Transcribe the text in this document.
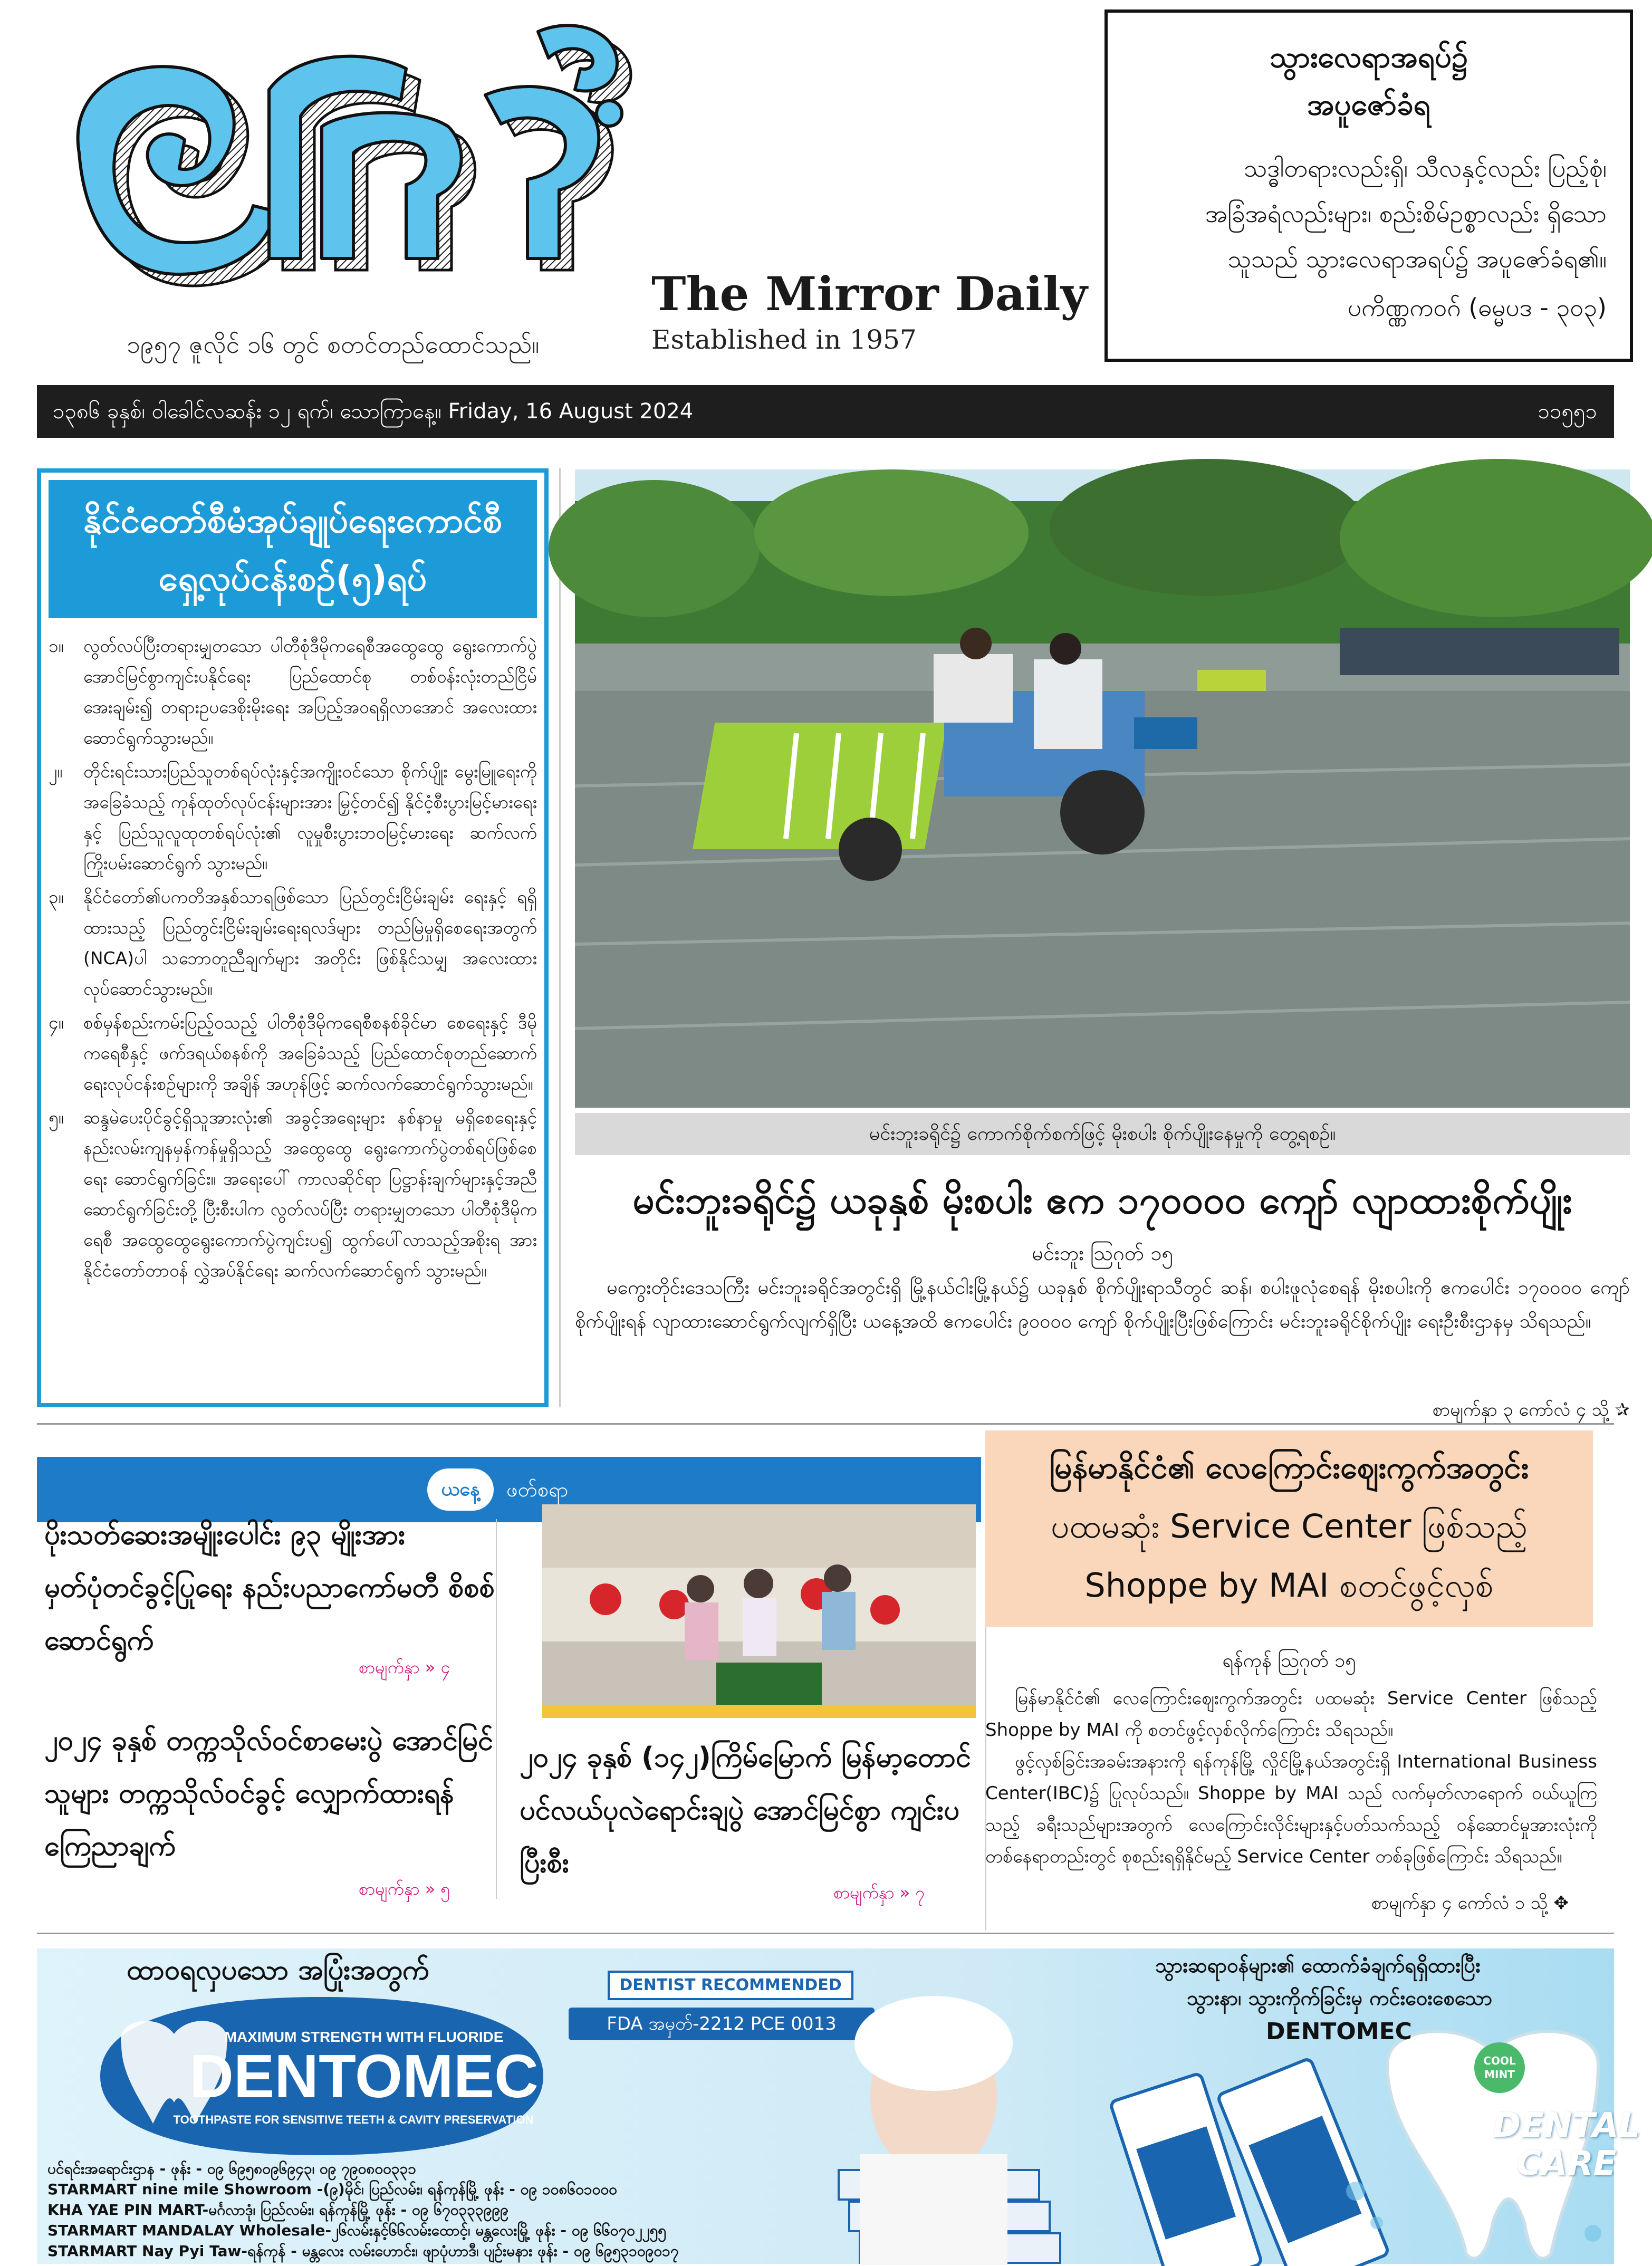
The Mirror Daily
Established in 1957
၁၉၅၇ ဇူလိုင် ၁၆ တွင် စတင်တည်ထောင်သည်။
သွားလေရာအရပ်၌
အပူဇော်ခံရ
သဒ္ဓါတရားလည်းရှိ၊ သီလနှင့်လည်း ပြည့်စုံ၊
အခြံအရံလည်းများ၊ စည်းစိမ်ဥစ္စာလည်း ရှိသော
သူသည် သွားလေရာအရပ်၌ အပူဇော်ခံရ၏။
ပကိဏ္ဏကဝဂ် (ဓမ္မပဒ - ၃၀၃)
၁၃၈၆ ခုနှစ်၊ ဝါခေါင်လဆန်း ၁၂ ရက်၊ သောကြာနေ့။ Friday, 16 August 2024	၁၁၅၅၁
နိုင်ငံတော်စီမံအုပ်ချုပ်ရေးကောင်စီ
ရှေ့လုပ်ငန်းစဉ်(၅)ရပ်
၁။	လွတ်လပ်ပြီးတရားမျှတသော ပါတီစုံဒီမိုကရေစီအထွေထွေ ရွေးကောက်ပွဲ အောင်မြင်စွာကျင်းပနိုင်ရေး ပြည်ထောင်စု တစ်ဝန်းလုံးတည်ငြိမ်အေးချမ်း၍ တရားဥပဒေစိုးမိုးရေး အပြည့်အဝရရှိလာအောင် အလေးထားဆောင်ရွက်သွားမည်။
၂။	တိုင်းရင်းသားပြည်သူတစ်ရပ်လုံးနှင့်အကျိုးဝင်သော စိုက်ပျိုး မွေးမြူရေးကိုအခြေခံသည့် ကုန်ထုတ်လုပ်ငန်းများအား မြှင့်တင်၍ နိုင်ငံ့စီးပွားမြင့်မားရေးနှင့် ပြည်သူလူထုတစ်ရပ်လုံး၏ လူမှုစီးပွားဘဝမြင့်မားရေး ဆက်လက်ကြိုးပမ်းဆောင်ရွက် သွားမည်။
၃။	နိုင်ငံတော်၏ပကတိအနှစ်သာရဖြစ်သော ပြည်တွင်းငြိမ်းချမ်း ရေးနှင့် ရရှိထားသည့် ပြည်တွင်းငြိမ်းချမ်းရေးရလဒ်များ တည်မြဲမှုရှိစေရေးအတွက် (NCA)ပါ သဘောတူညီချက်များ အတိုင်း ဖြစ်နိုင်သမျှ အလေးထားလုပ်ဆောင်သွားမည်။
၄။	စစ်မှန်စည်းကမ်းပြည့်ဝသည့် ပါတီစုံဒီမိုကရေစီစနစ်ခိုင်မာ စေရေးနှင့် ဒီမိုကရေစီနှင့် ဖက်ဒရယ်စနစ်ကို အခြေခံသည့် ပြည်ထောင်စုတည်ဆောက်ရေးလုပ်ငန်းစဉ်များကို အချိန် အဟုန်ဖြင့် ဆက်လက်ဆောင်ရွက်သွားမည်။
၅။	ဆန္ဒမဲပေးပိုင်ခွင့်ရှိသူအားလုံး၏ အခွင့်အရေးများ နစ်နာမှု မရှိစေရေးနှင့် နည်းလမ်းကျနမှန်ကန်မှုရှိသည့် အထွေထွေ ရွေးကောက်ပွဲတစ်ရပ်ဖြစ်စေရေး ဆောင်ရွက်ခြင်း။ အရေးပေါ် ကာလဆိုင်ရာ ပြဋ္ဌာန်းချက်များနှင့်အညီ ဆောင်ရွက်ခြင်းတို့ ပြီးစီးပါက လွတ်လပ်ပြီး တရားမျှတသော ပါတီစုံဒီမိုကရေစီ အထွေထွေရွေးကောက်ပွဲကျင်းပ၍ ထွက်ပေါ်လာသည့်အစိုးရ အား နိုင်ငံတော်တာဝန် လွှဲအပ်နိုင်ရေး ဆက်လက်ဆောင်ရွက် သွားမည်။
မင်းဘူးခရိုင်၌ ကောက်စိုက်စက်ဖြင့် မိုးစပါး စိုက်ပျိုးနေမှုကို တွေ့ရစဉ်။
မင်းဘူးခရိုင်၌ ယခုနှစ် မိုးစပါး ဧက ၁၇၀၀၀၀ ကျော် လျာထားစိုက်ပျိုး
မင်းဘူး ဩဂုတ် ၁၅
မကွေးတိုင်းဒေသကြီး မင်းဘူးခရိုင်အတွင်းရှိ မြို့နယ်ငါးမြို့နယ်၌ ယခုနှစ် စိုက်ပျိုးရာသီတွင် ဆန်၊ စပါးဖူလုံစေရန် မိုးစပါးကို ဧကပေါင်း ၁၇၀၀၀၀ ကျော် စိုက်ပျိုးရန် လျာထားဆောင်ရွက်လျက်ရှိပြီး ယနေ့အထိ ဧကပေါင်း ၉၀၀၀၀ ကျော် စိုက်ပျိုးပြီးဖြစ်ကြောင်း မင်းဘူးခရိုင်စိုက်ပျိုး ရေးဦးစီးဌာနမှ သိရသည်။
စာမျက်နှာ ၃ ကော်လံ ၄ သို့ ✰
ယနေ့	ဖတ်စရာ
ပိုးသတ်ဆေးအမျိုးပေါင်း ၉၃ မျိုးအား မှတ်ပုံတင်ခွင့်ပြုရေး နည်းပညာကော်မတီ စိစစ်ဆောင်ရွက်
စာမျက်နှာ » ၄
၂၀၂၄ ခုနှစ် တက္ကသိုလ်ဝင်စာမေးပွဲ အောင်မြင်သူများ တက္ကသိုလ်ဝင်ခွင့် လျှောက်ထားရန် ကြေညာချက်
စာမျက်နှာ » ၅
၂၀၂၄ ခုနှစ် (၁၄၂)ကြိမ်မြောက် မြန်မာ့တောင်ပင်လယ်ပုလဲရောင်းချပွဲ အောင်မြင်စွာ ကျင်းပပြီးစီး
စာမျက်နှာ » ၇
မြန်မာနိုင်ငံ၏ လေကြောင်းဈေးကွက်အတွင်း
ပထမဆုံး Service Center ဖြစ်သည့်
Shoppe by MAI စတင်ဖွင့်လှစ်
ရန်ကုန် ဩဂုတ် ၁၅

မြန်မာနိုင်ငံ၏ လေကြောင်းဈေးကွက်အတွင်း ပထမဆုံး Service Center ဖြစ်သည့် Shoppe by MAI ကို စတင်ဖွင့်လှစ်လိုက်ကြောင်း သိရသည်။

ဖွင့်လှစ်ခြင်းအခမ်းအနားကို ရန်ကုန်မြို့ လှိုင်မြို့နယ်အတွင်းရှိ International Business Center(IBC)၌ ပြုလုပ်သည်။ Shoppe by MAI သည် လက်မှတ်လာရောက် ဝယ်ယူကြသည့် ခရီးသည်များအတွက် လေကြောင်းလိုင်းများနှင့်ပတ်သက်သည့် ဝန်ဆောင်မှုအားလုံးကို တစ်နေရာတည်းတွင် စုစည်းရရှိနိုင်မည့် Service Center တစ်ခုဖြစ်ကြောင်း သိရသည်။

စာမျက်နှာ ၄ ကော်လံ ၁ သို့ ✥
ထာဝရလှပသော အပြုံးအတွက်
MAXIMUM STRENGTH WITH FLUORIDE
DENTOMEC
TOOTHPASTE FOR SENSITIVE TEETH & CAVITY PRESERVATION
DENTIST RECOMMENDED
FDA အမှတ်-2212 PCE 0013
ပင်ရင်းအရောင်းဌာန - ဖုန်း - ၀၉ ၆၉၅၈၀၉၆၉၄၃၊ ၀၉ ၇၉၀၈၀၀၃၃၁
STARMART nine mile Showroom -(၉)မိုင်၊ ပြည်လမ်း၊ ရန်ကုန်မြို့ ဖုန်း - ၀၉ ၁၀၈၆၀၁၀၀၀
KHA YAE PIN MART-မင်္ဂလာဒုံ၊ ပြည်လမ်း၊ ရန်ကုန်မြို့ ဖုန်း - ၀၉ ၆၇၀၃၃၃၉၉၉
STARMART MANDALAY Wholesale-၂၆လမ်းနှင့်၆၆လမ်းထောင့်၊ မန္တလေးမြို့ ဖုန်း - ၀၉ ၆၆၀၇၀၂၂၅၅
STARMART Nay Pyi Taw-ရန်ကုန် - မန္တလေး လမ်းဟောင်း၊ ဖျာပုံဟာဒီ၊ ပျဉ်းမနား ဖုန်း - ၀၉ ၆၉၅၃၁၀၉၀၁၇
သွားဆရာဝန်များ၏ ထောက်ခံချက်ရရှိထားပြီး
သွားနာ၊ သွားကိုက်ခြင်းမှ ကင်းဝေးစေသော
DENTOMEC
COOL MINT
DENTAL
CARE
